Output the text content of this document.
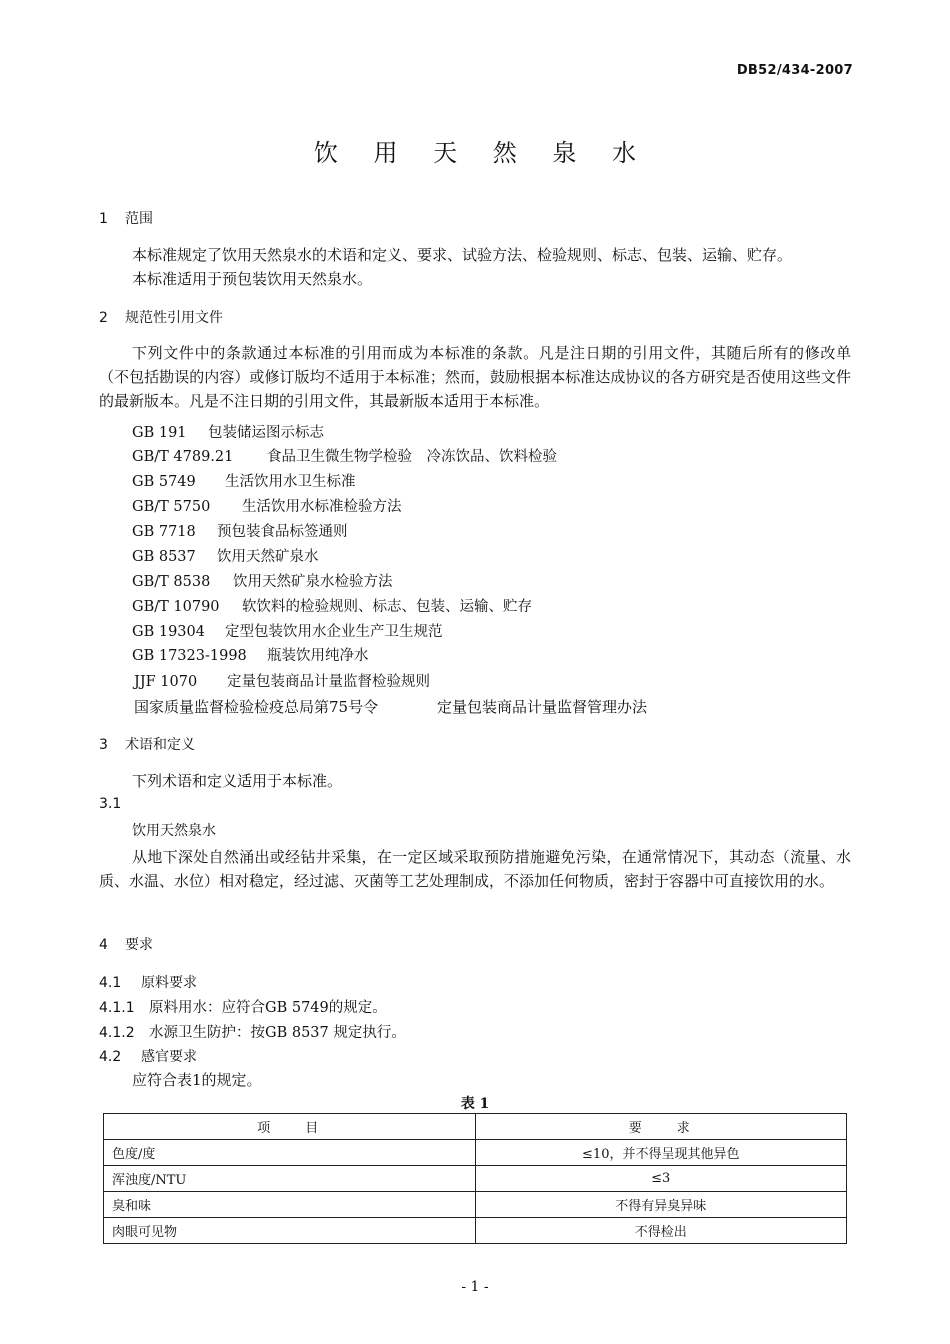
DB52/434-2007
饮 用 天 然 泉 水
1 范围
本标准规定了饮用天然泉水的术语和定义、要求、试验方法、检验规则、标志、包装、运输、贮存。
本标准适用于预包装饮用天然泉水。
2 规范性引用文件
下列文件中的条款通过本标准的引用而成为本标准的条款。凡是注日期的引用文件，其随后所有的修改单（不包括勘误的内容）或修订版均不适用于本标准；然而，鼓励根据本标准达成协议的各方研究是否使用这些文件的最新版本。凡是不注日期的引用文件，其最新版本适用于本标准。
GB 191 包装储运图示标志
GB/T 4789.21 食品卫生微生物学检验　冷冻饮品、饮料检验
GB 5749 生活饮用水卫生标准
GB/T 5750 生活饮用水标准检验方法
GB 7718 预包装食品标签通则
GB 8537 饮用天然矿泉水
GB/T 8538 饮用天然矿泉水检验方法
GB/T 10790 软饮料的检验规则、标志、包装、运输、贮存
GB 19304 定型包装饮用水企业生产卫生规范
GB 17323-1998 瓶装饮用纯净水
JJF 1070 定量包装商品计量监督检验规则
国家质量监督检验检疫总局第75号令	定量包装商品计量监督管理办法
3 术语和定义
下列术语和定义适用于本标准。
3.1
饮用天然泉水
从地下深处自然涌出或经钻井采集，在一定区域采取预防措施避免污染，在通常情况下，其动态（流量、水质、水温、水位）相对稳定，经过滤、灭菌等工艺处理制成，不添加任何物质，密封于容器中可直接饮用的水。
4 要求
4.1 原料要求
4.1.1 原料用水：应符合GB 5749的规定。
4.1.2 水源卫生防护：按GB 8537 规定执行。
4.2 感官要求
应符合表1的规定。
表 1
项　　目	要　　求
色度/度	≤10，并不得呈现其他异色
浑浊度/NTU	≤3
臭和味	不得有异臭异味
肉眼可见物	不得检出
- 1 -
